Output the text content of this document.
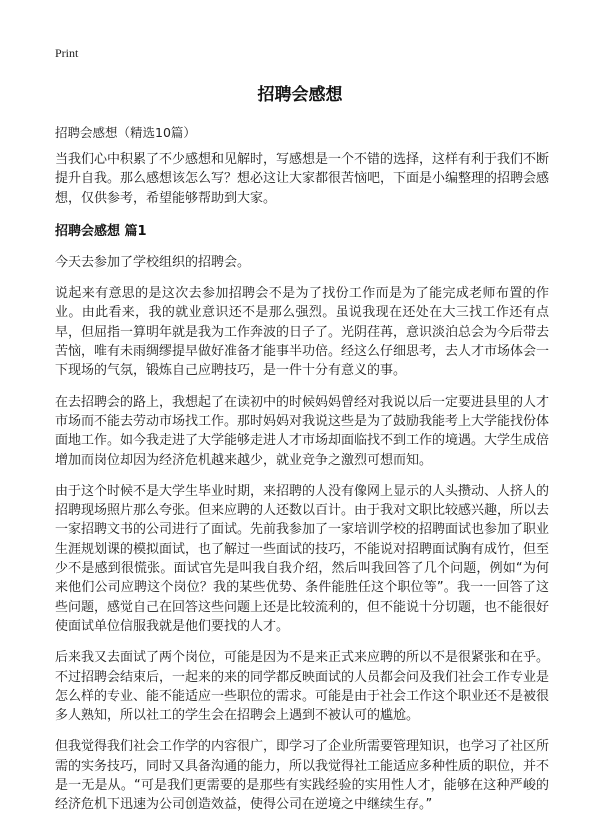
Print
招聘会感想
招聘会感想（精选10篇）

当我们心中积累了不少感想和见解时，写感想是一个不错的选择，这样有利于我们不断提升自我。那么感想该怎么写？想必这让大家都很苦恼吧，下面是小编整理的招聘会感想，仅供参考，希望能够帮助到大家。

招聘会感想 篇1

今天去参加了学校组织的招聘会。

说起来有意思的是这次去参加招聘会不是为了找份工作而是为了能完成老师布置的作业。由此看来，我的就业意识还不是那么强烈。虽说我现在还处在大三找工作还有点早，但屈指一算明年就是我为工作奔波的日子了。光阴荏苒，意识淡泊总会为今后带去苦恼，唯有未雨绸缪提早做好准备才能事半功倍。经这么仔细思考，去人才市场体会一下现场的气氛，锻炼自己应聘技巧，是一件十分有意义的事。

在去招聘会的路上，我想起了在读初中的时候妈妈曾经对我说以后一定要进县里的人才市场而不能去劳动市场找工作。那时妈妈对我说这些是为了鼓励我能考上大学能找份体面地工作。如今我走进了大学能够走进人才市场却面临找不到工作的境遇。大学生成倍增加而岗位却因为经济危机越来越少，就业竞争之激烈可想而知。

由于这个时候不是大学生毕业时期，来招聘的人没有像网上显示的人头攒动、人挤人的招聘现场照片那么夸张。但来应聘的人还数以百计。由于我对文职比较感兴趣，所以去一家招聘文书的公司进行了面试。先前我参加了一家培训学校的招聘面试也参加了职业生涯规划课的模拟面试，也了解过一些面试的技巧，不能说对招聘面试胸有成竹，但至少不是感到很慌张。面试官先是叫我自我介绍，然后叫我回答了几个问题，例如“为何来他们公司应聘这个岗位？我的某些优势、条件能胜任这个职位等”。我一一回答了这些问题，感觉自己在回答这些问题上还是比较流利的，但不能说十分切题，也不能很好使面试单位信服我就是他们要找的人才。

后来我又去面试了两个岗位，可能是因为不是来正式来应聘的所以不是很紧张和在乎。不过招聘会结束后，一起来的来的同学都反映面试的人员都会问及我们社会工作专业是怎么样的专业、能不能适应一些职位的需求。可能是由于社会工作这个职业还不是被很多人熟知，所以社工的学生会在招聘会上遇到不被认可的尴尬。

但我觉得我们社会工作学的内容很广，即学习了企业所需要管理知识，也学习了社区所需的实务技巧，同时又具备沟通的能力，所以我觉得社工能适应多种性质的职位，并不是一无是从。“可是我们更需要的是那些有实践经验的实用性人才，能够在这种严峻的经济危机下迅速为公司创造效益，使得公司在逆境之中继续生存。”
